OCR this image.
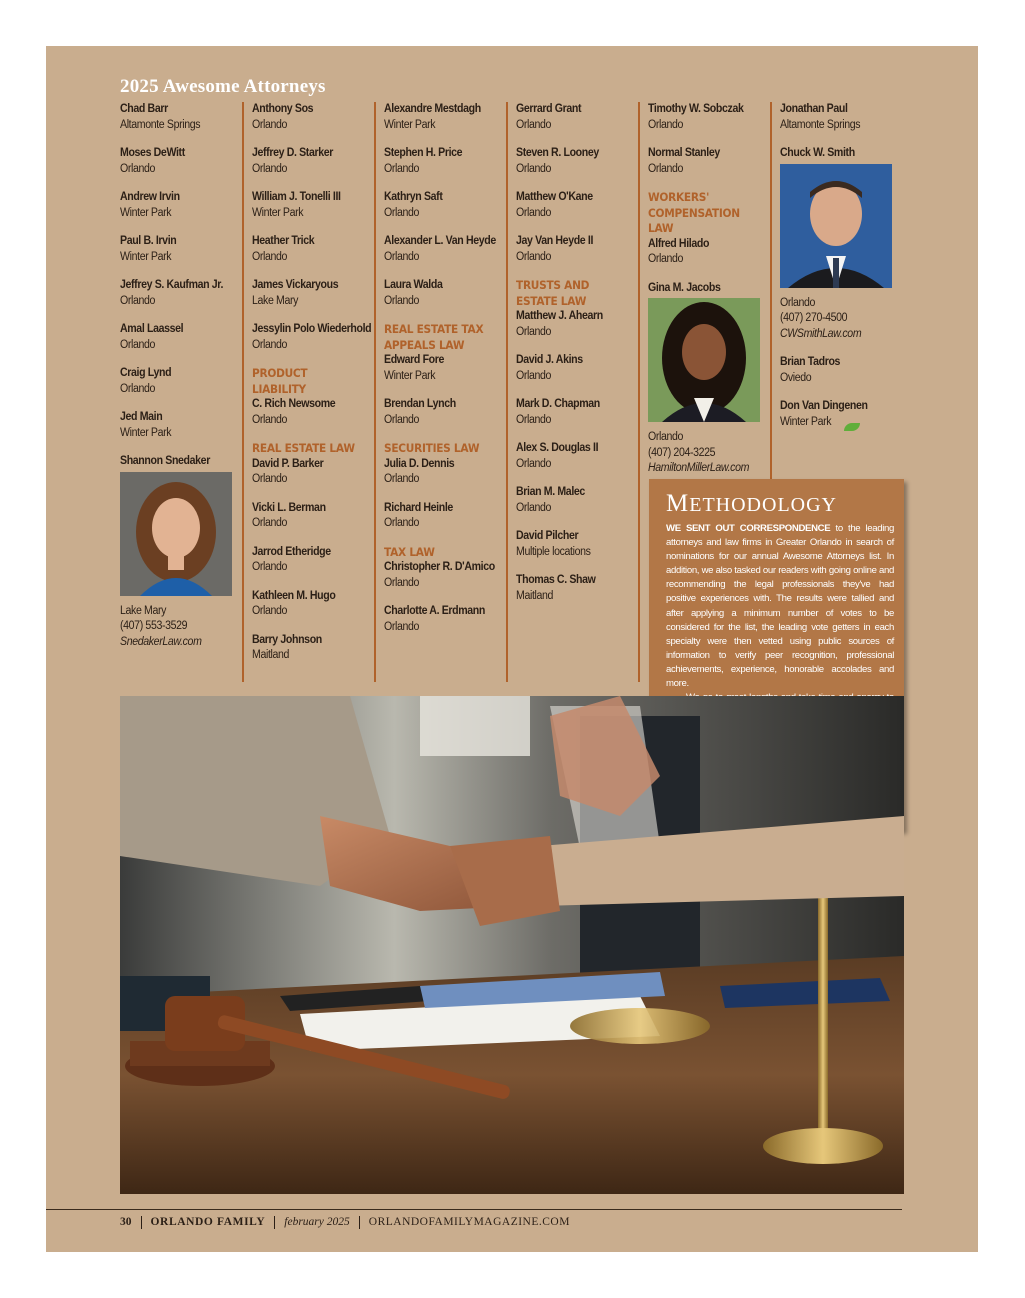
2025 Awesome Attorneys
Chad Barr
Altamonte Springs
Moses DeWitt
Orlando
Andrew Irvin
Winter Park
Paul B. Irvin
Winter Park
Jeffrey S. Kaufman Jr.
Orlando
Amal Laassel
Orlando
Craig Lynd
Orlando
Jed Main
Winter Park
Shannon Snedaker
Lake Mary
(407) 553-3529
SnedakerLaw.com
Anthony Sos
Orlando
Jeffrey D. Starker
Orlando
William J. Tonelli III
Winter Park
Heather Trick
Orlando
James Vickaryous
Lake Mary
Jessylin Polo Wiederhold
Orlando
PRODUCT LIABILITY
C. Rich Newsome
Orlando
REAL ESTATE LAW
David P. Barker
Orlando
Vicki L. Berman
Orlando
Jarrod Etheridge
Orlando
Kathleen M. Hugo
Orlando
Barry Johnson
Maitland
Alexandre Mestdagh
Winter Park
Stephen H. Price
Orlando
Kathryn Saft
Orlando
Alexander L. Van Heyde
Orlando
Laura Walda
Orlando
REAL ESTATE TAX APPEALS LAW
Edward Fore
Winter Park
Brendan Lynch
Orlando
SECURITIES LAW
Julia D. Dennis
Orlando
Richard Heinle
Orlando
TAX LAW
Christopher R. D'Amico
Orlando
Charlotte A. Erdmann
Orlando
Gerrard Grant
Orlando
Steven R. Looney
Orlando
Matthew O'Kane
Orlando
Jay Van Heyde II
Orlando
TRUSTS AND ESTATE LAW
Matthew J. Ahearn
Orlando
David J. Akins
Orlando
Mark D. Chapman
Orlando
Alex S. Douglas II
Orlando
Brian M. Malec
Orlando
David Pilcher
Multiple locations
Thomas C. Shaw
Maitland
Timothy W. Sobczak
Orlando
Normal Stanley
Orlando
WORKERS' COMPENSATION LAW
Alfred Hilado
Orlando
Gina M. Jacobs
Orlando
(407) 204-3225
HamiltonMillerLaw.com
Jonathan Paul
Altamonte Springs
Chuck W. Smith
Orlando
(407) 270-4500
CWSmithLaw.com
Brian Tadros
Oviedo
Don Van Dingenen
Winter Park
METHODOLOGY
WE SENT OUT CORRESPONDENCE to the leading attorneys and law firms in Greater Orlando in search of nominations for our annual Awesome Attorneys list. In addition, we also tasked our readers with going online and recommending the legal professionals they've had positive experiences with. The results were tallied and after applying a minimum number of votes to be considered for the list, the leading vote getters in each specialty were then vetted using public sources of information to verify peer recognition, professional achievements, experience, honorable accolades and more.

30 ORLANDO FAMILY february 2025 ORLANDOFAMILYMAGAZINE.COM
